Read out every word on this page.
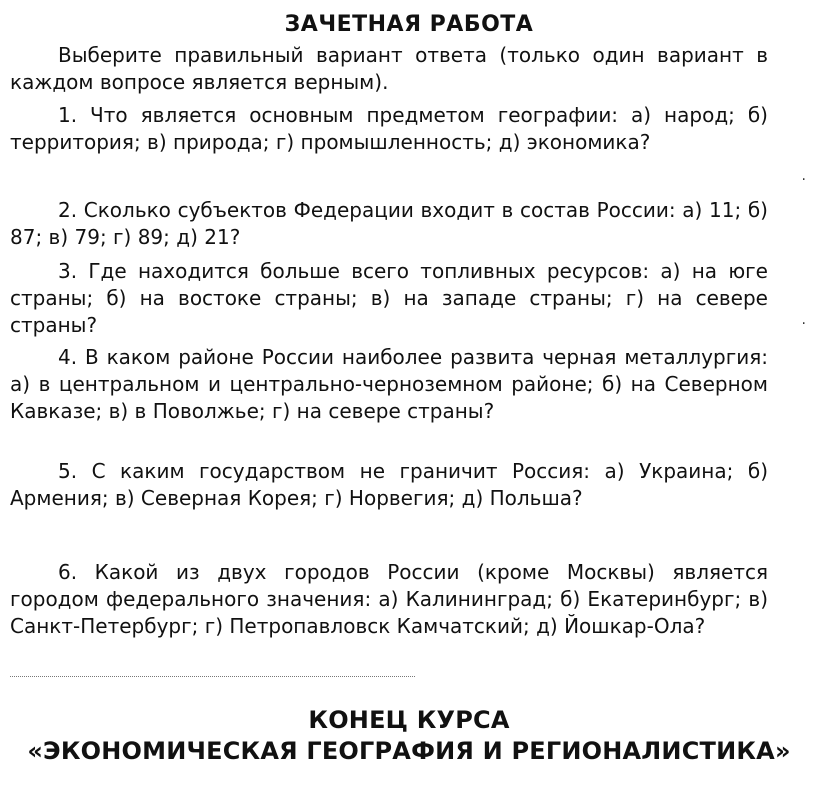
ЗАЧЕТНАЯ РАБОТА
Выберите правильный вариант ответа (только один вариант в каждом вопросе является верным).
1. Что является основным предметом географии: а) народ; б) территория; в) природа; г) промышленность; д) экономика?
2. Сколько субъектов Федерации входит в состав России: а) 11; б) 87; в) 79; г) 89; д) 21?
3. Где находится больше всего топливных ресурсов: а) на юге страны; б) на востоке страны; в) на западе страны; г) на севере страны?
4. В каком районе России наиболее развита черная металлургия: а) в центральном и центрально-черноземном районе; б) на Северном Кавказе; в) в Поволжье; г) на севере страны?
5. С каким государством не граничит Россия: а) Украина; б) Армения; в) Северная Корея; г) Норвегия; д) Польша?
6. Какой из двух городов России (кроме Москвы) является городом федерального значения: а) Калининград; б) Екатеринбург; в) Санкт-Петербург; г) Петропавловск Камчатский; д) Йошкар-Ола?
КОНЕЦ КУРСА
«ЭКОНОМИЧЕСКАЯ ГЕОГРАФИЯ И РЕГИОНАЛИСТИКА»
.
.
